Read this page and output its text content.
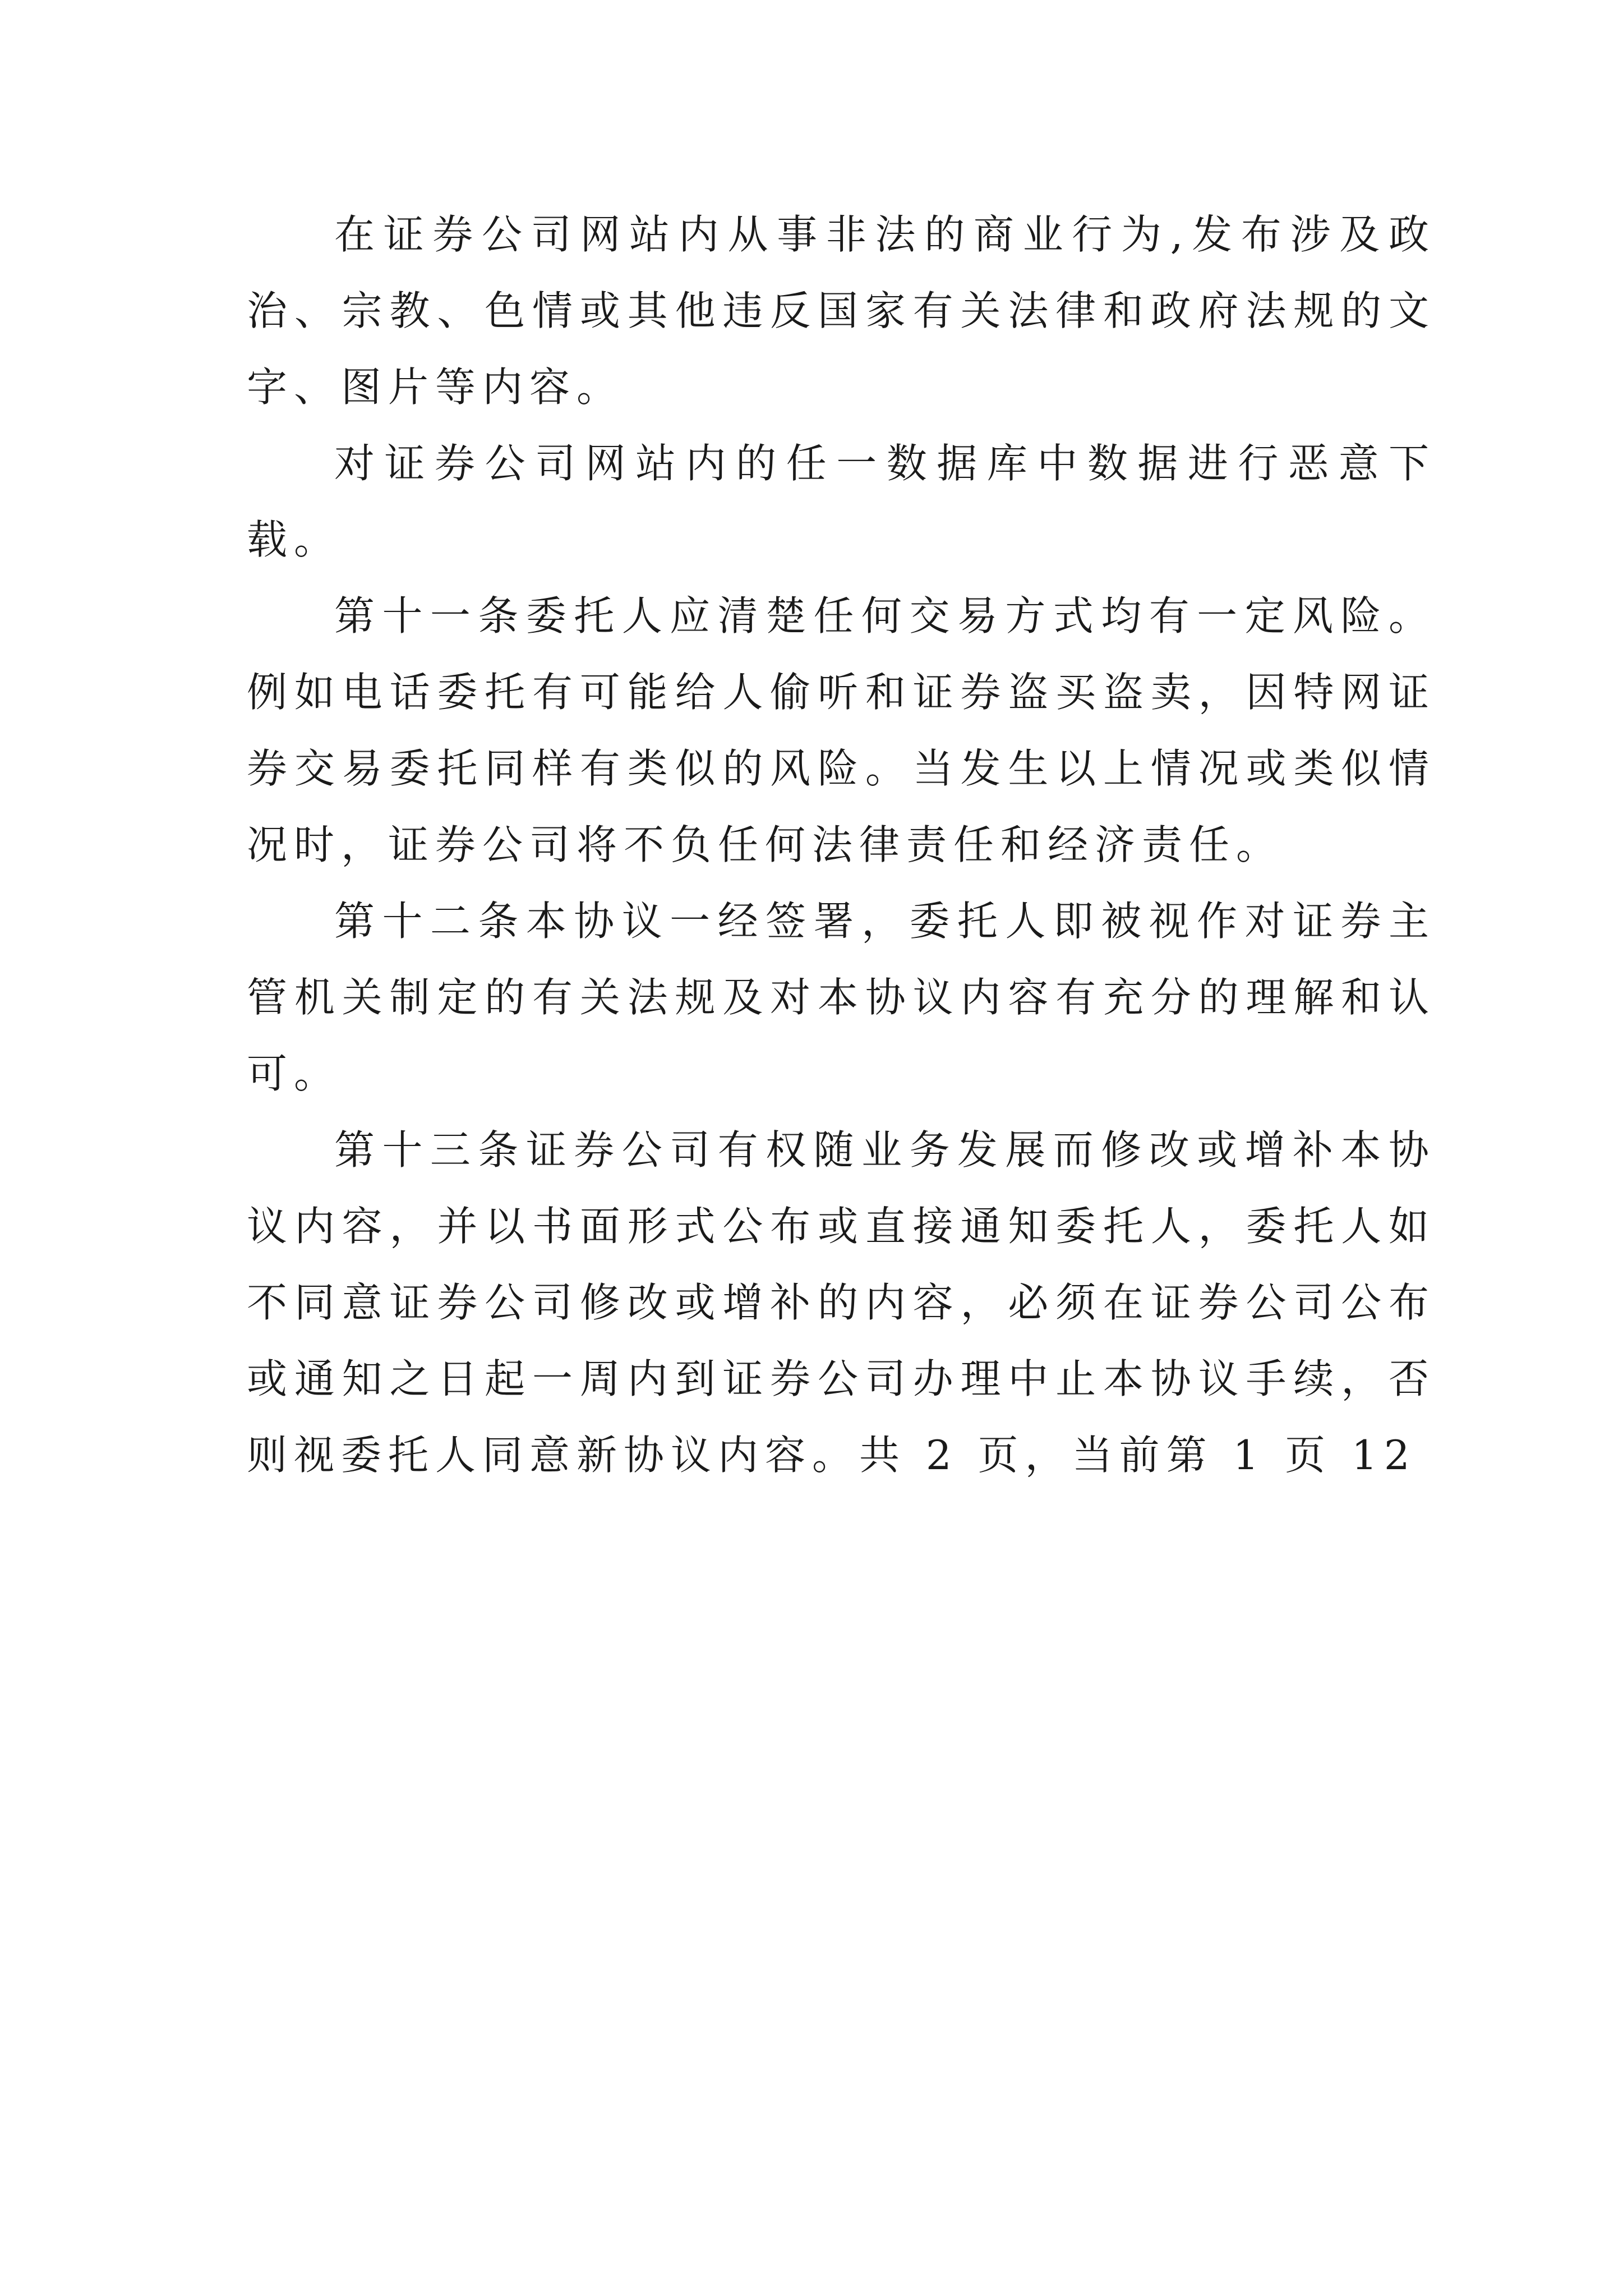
在证券公司网站内从事非法的商业行为,发布涉及政治、宗教、色情或其他违反国家有关法律和政府法规的文字、图片等内容。

对证券公司网站内的任一数据库中数据进行恶意下载。

第十一条委托人应清楚任何交易方式均有一定风险。例如电话委托有可能给人偷听和证券盗买盗卖，因特网证券交易委托同样有类似的风险。当发生以上情况或类似情况时，证券公司将不负任何法律责任和经济责任。

第十二条本协议一经签署，委托人即被视作对证券主管机关制定的有关法规及对本协议内容有充分的理解和认可。

第十三条证券公司有权随业务发展而修改或增补本协议内容，并以书面形式公布或直接通知委托人，委托人如不同意证券公司修改或增补的内容，必须在证券公司公布或通知之日起一周内到证券公司办理中止本协议手续，否则视委托人同意新协议内容。共 2 页，当前第 1 页 12
